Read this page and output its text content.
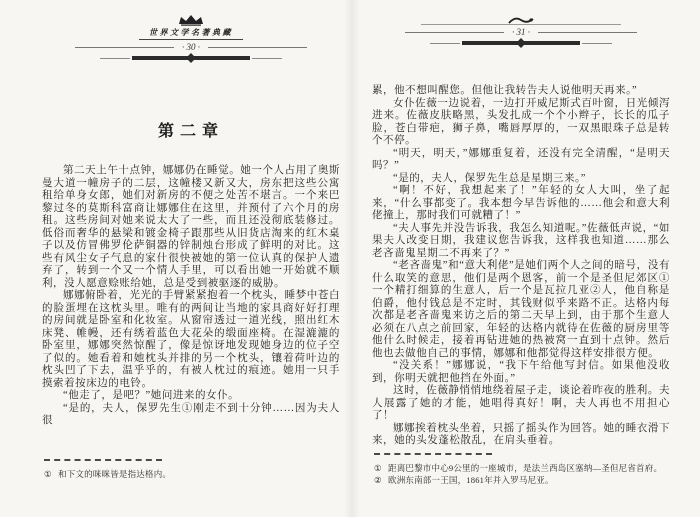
世界文学名著典藏
· 30 ·
第二章

第二天上午十点钟，娜娜仍在睡觉。她一个人占用了奥斯曼大道一幢房子的二层，这幢楼又新又大，房东把这些公寓租给单身女郎，她们对新房的不便之处苦不堪言。一个来巴黎过冬的莫斯科富商让娜娜住在这里，并预付了六个月的房租。这些房间对她来说太大了一些，而且还没彻底装修过。低俗而奢华的悬梁和镀金椅子跟那些从旧货店淘来的红木桌子以及仿冒佛罗伦萨铜器的锌制烛台形成了鲜明的对比。这些有风尘女子气息的家什很快被她的第一位认真的保护人遗弃了，转到一个又一个情人手里，可以看出她一开始就不顺利，没人愿意赊账给她，总是受到被驱逐的威胁。

娜娜俯卧着，光光的手臂紧紧抱着一个枕头，睡梦中苍白的脸蛋埋在这枕头里。唯有的两间让当地的家具商好好打理的房间就是卧室和化妆室。从窗帘透过一道光线，照出红木床凳、帷幔，还有绣着蓝色大花朵的缎面座椅。在湿漉漉的卧室里，娜娜突然惊醒了，像是惊讶地发现她身边的位子空了似的。她看着和她枕头并排的另一个枕头，镶着荷叶边的枕头凹了下去，温乎乎的，有被人枕过的痕迹。她用一只手摸索着按床边的电铃。

“他走了，是吧？”她问进来的女仆。

“是的，夫人，保罗先生①刚走不到十分钟……因为夫人很

① 和下文的咪咪皆是指达格内。
· 31 ·

累，他不想叫醒您。但他让我转告夫人说他明天再来。”

女仆佐薇一边说着，一边打开威尼斯式百叶窗，日光倾泻进来。佐薇皮肤略黑，头发扎成一个个小辫子，长长的瓜子脸，苍白带疤，狮子鼻，嘴唇厚厚的，一双黑眼珠子总是转个不停。

“明天，明天，”娜娜重复着，还没有完全清醒，“是明天吗？”

“是的，夫人，保罗先生总是星期三来。”

“啊！不好，我想起来了！”年轻的女人大叫，坐了起来，“什么事都变了。我本想今早告诉他的……他会和意大利佬撞上，那时我们可就糟了！”

“夫人事先并没告诉我，我怎么知道呢。”佐薇低声说，“如果夫人改变日期，我建议您告诉我，这样我也知道……那么老吝啬鬼星期二不再来了？”

“老吝啬鬼”和“意大利佬”是她们两个人之间的暗号，没有什么取笑的意思，他们是两个恩客，前一个是圣但尼郊区①一个精打细算的生意人，后一个是瓦拉几亚②人，他自称是伯爵，他付钱总是不定时，其钱财似乎来路不正。达格内每次都是老吝啬鬼来访之后的第二天早上到，由于那个生意人必须在八点之前回家，年轻的达格内就待在佐薇的厨房里等他什么时候走，接着再钻进她的热被窝一直到十点钟。然后他也去做他自己的事情，娜娜和他都觉得这样安排很方便。

“没关系！”娜娜说，“我下午给他写封信。如果他没收到，你明天就把他挡在外面。”

这时，佐薇静悄悄地绕着屋子走，谈论着昨夜的胜利。夫人展露了她的才能，她唱得真好！啊，夫人再也不用担心了！

娜娜挨着枕头坐着，只摇了摇头作为回答。她的睡衣滑下来，她的头发蓬松散乱，在肩头垂着。

① 距离巴黎市中心9公里的一座城市，是法兰西岛区塞纳—圣但尼省首府。
② 欧洲东南部一王国，1861年并入罗马尼亚。
